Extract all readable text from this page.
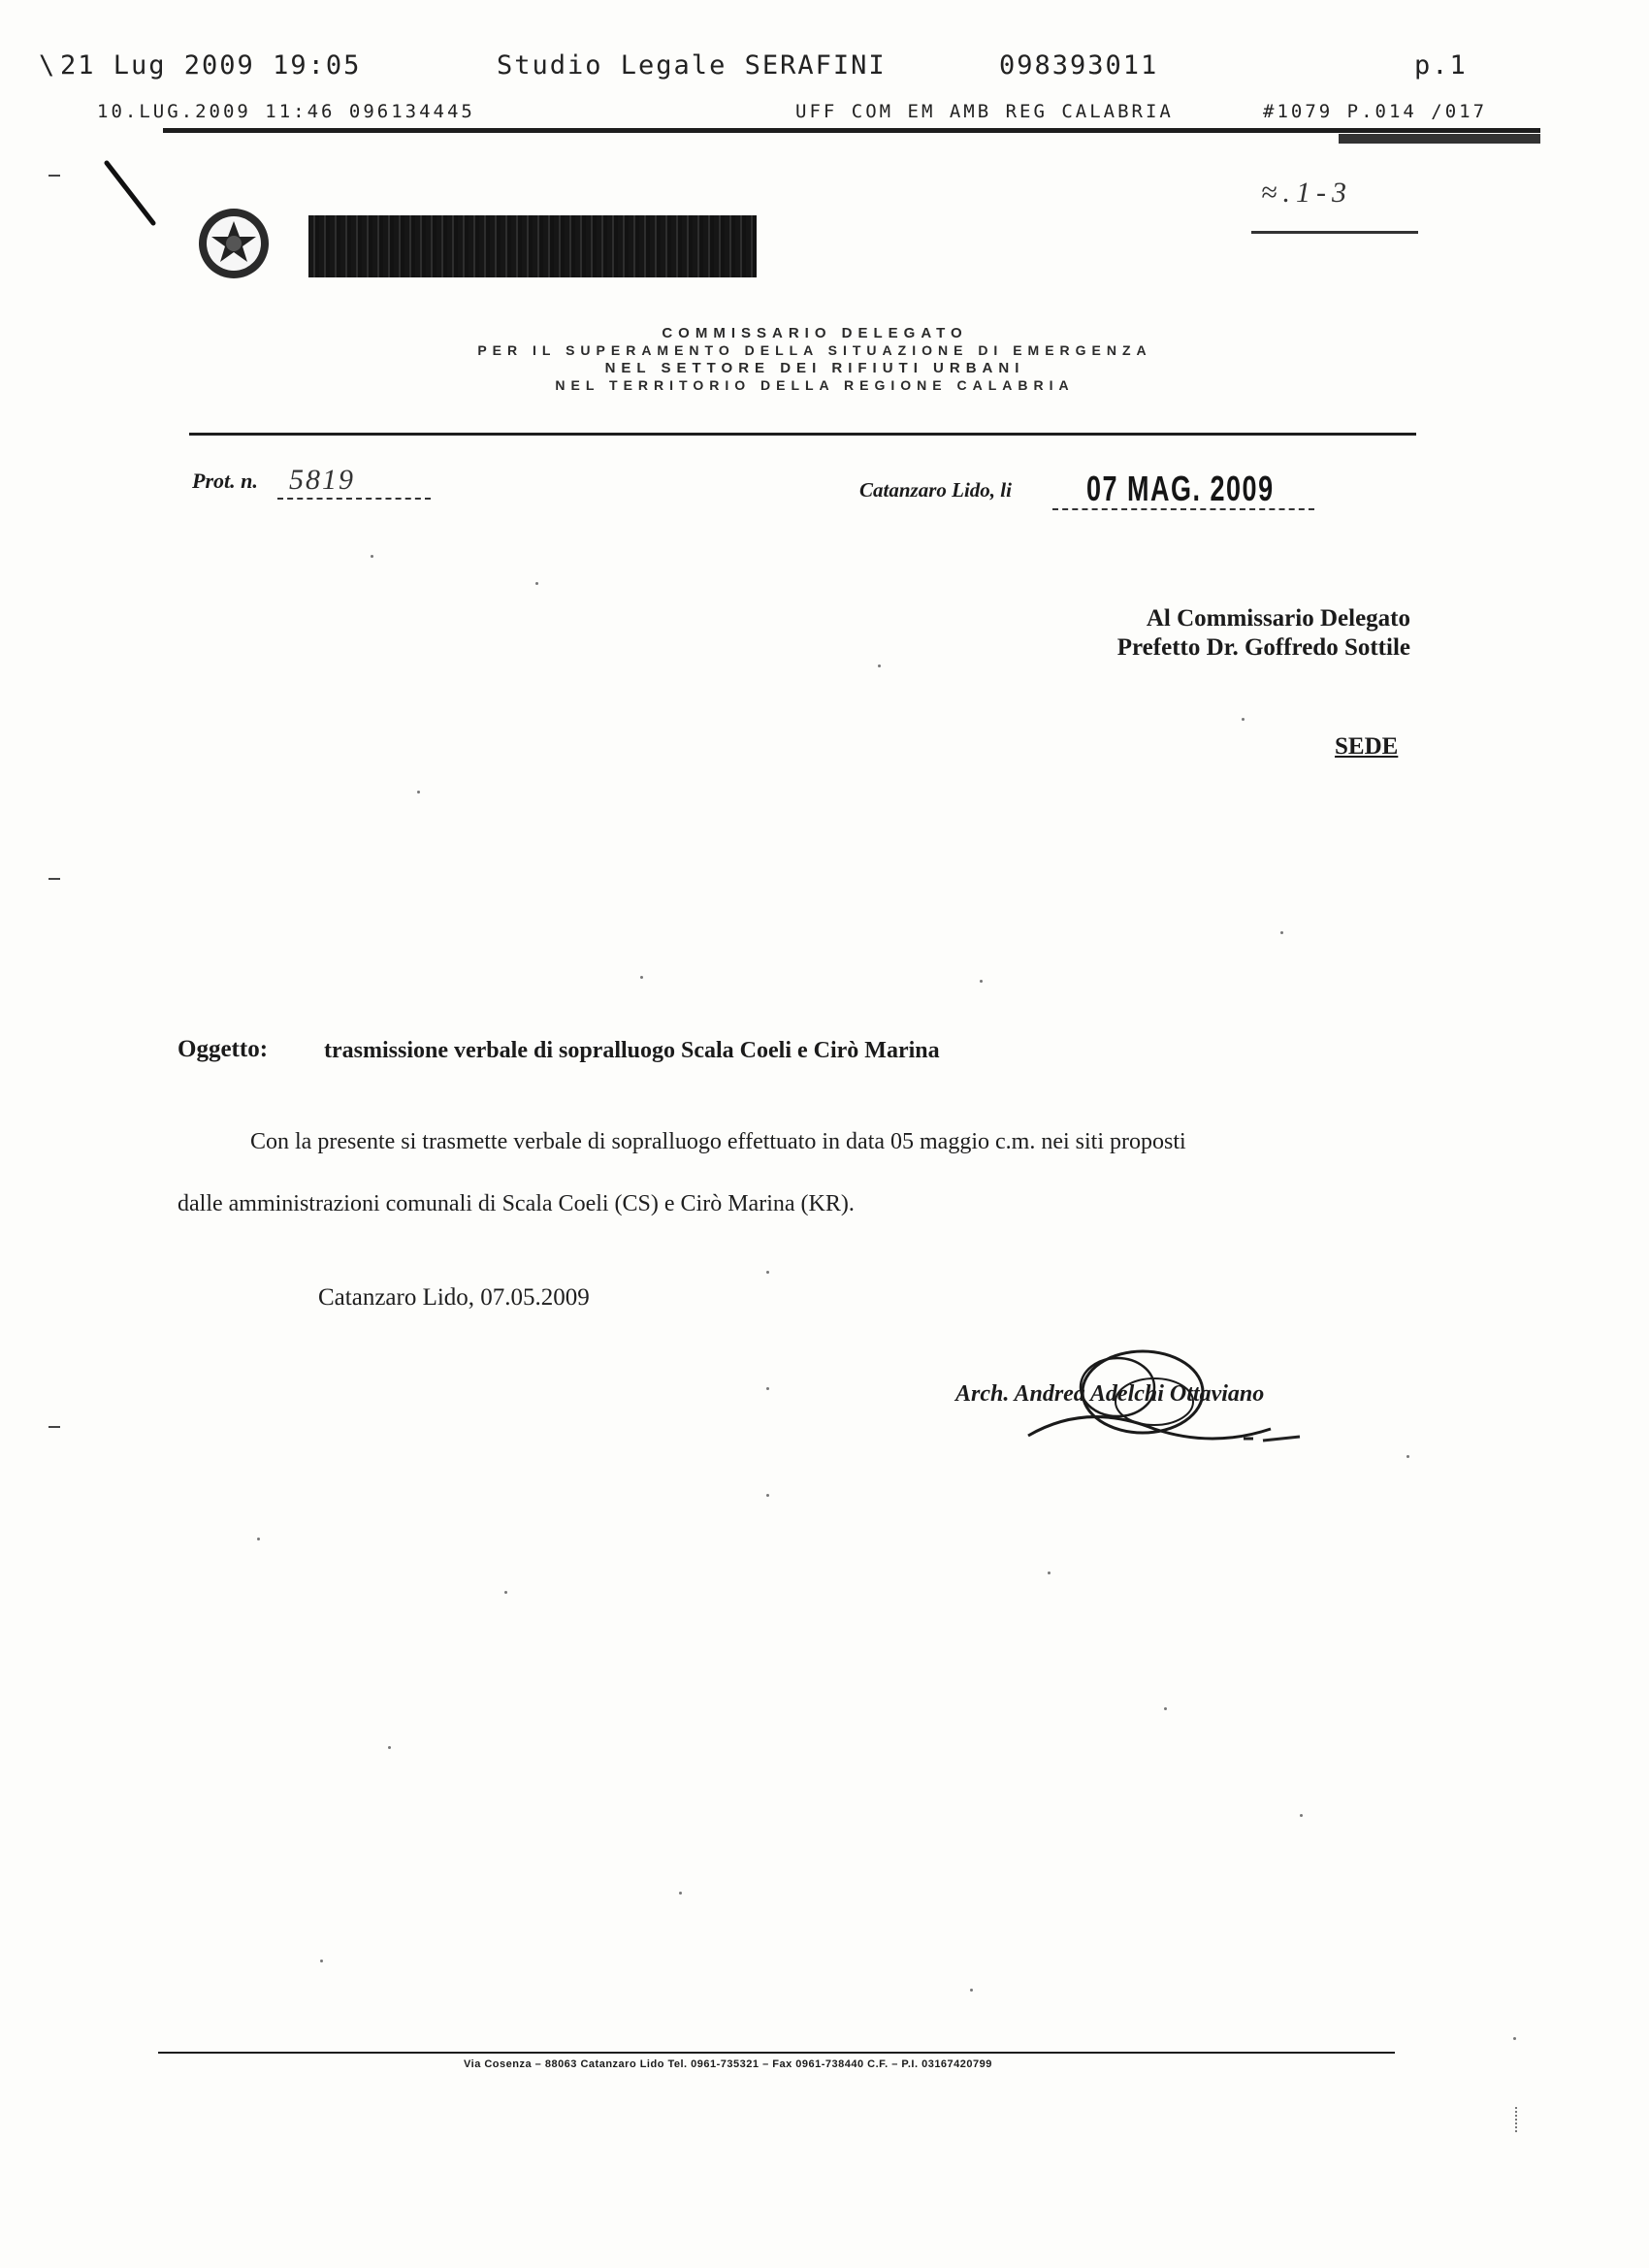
\ 21 Lug 2009 19:05	Studio Legale SERAFINI	098393011	p.1
10.LUG.2009 11:46 096134445	UFF COM EM AMB REG CALABRIA	#1079 P.014 /017
≈.1-3
COMMISSARIO DELEGATO
PER IL SUPERAMENTO DELLA SITUAZIONE DI EMERGENZA
NEL SETTORE DEI RIFIUTI URBANI
NEL TERRITORIO DELLA REGIONE CALABRIA
Prot. n. 5819	Catanzaro Lido, li 07 MAG. 2009
Al Commissario Delegato
Prefetto Dr. Goffredo Sottile
SEDE
Oggetto: trasmissione verbale di sopralluogo Scala Coeli e Cirò Marina
Con la presente si trasmette verbale di sopralluogo effettuato in data 05 maggio c.m. nei siti proposti
dalle amministrazioni comunali di Scala Coeli (CS) e Cirò Marina (KR).
Catanzaro Lido, 07.05.2009
Arch. Andrea Adelchi Ottaviano
Via Cosenza – 88063 Catanzaro Lido Tel. 0961-735321 – Fax 0961-738440 C.F. – P.I. 03167420799
